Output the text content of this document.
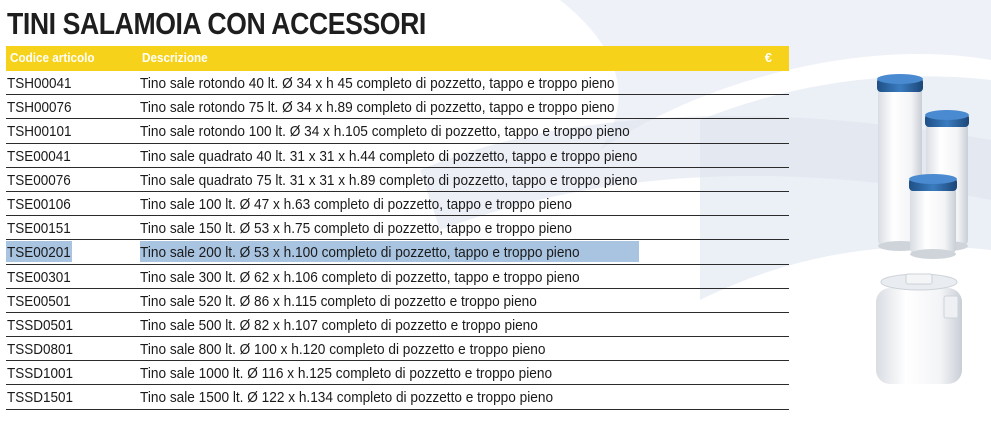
TINI SALAMOIA CON ACCESSORI
Codice articolo	Descrizione	€
TSH00041	Tino sale rotondo 40 lt. Ø 34 x h 45 completo di pozzetto, tappo e troppo pieno
TSH00076	Tino sale rotondo 75 lt. Ø 34 x h.89 completo di pozzetto, tappo e troppo pieno
TSH00101	Tino sale rotondo 100 lt. Ø 34 x h.105 completo di pozzetto, tappo e troppo pieno
TSE00041	Tino sale quadrato 40 lt. 31 x 31 x h.44 completo di pozzetto, tappo e troppo pieno
TSE00076	Tino sale quadrato 75 lt. 31 x 31 x h.89 completo di pozzetto, tappo e troppo pieno
TSE00106	Tino sale 100 lt. Ø 47 x h.63 completo di pozzetto, tappo e troppo pieno
TSE00151	Tino sale 150 lt. Ø 53 x h.75 completo di pozzetto, tappo e troppo pieno
TSE00201	Tino sale 200 lt. Ø 53 x h.100 completo di pozzetto, tappo e troppo pieno
TSE00301	Tino sale 300 lt. Ø 62 x h.106 completo di pozzetto, tappo e troppo pieno
TSE00501	Tino sale 520 lt. Ø 86 x h.115 completo di pozzetto e troppo pieno
TSSD0501	Tino sale 500 lt. Ø 82 x h.107 completo di pozzetto e troppo pieno
TSSD0801	Tino sale 800 lt. Ø 100 x h.120 completo di pozzetto e troppo pieno
TSSD1001	Tino sale 1000 lt. Ø 116 x h.125 completo di pozzetto e troppo pieno
TSSD1501	Tino sale 1500 lt. Ø 122 x h.134 completo di pozzetto e troppo pieno
